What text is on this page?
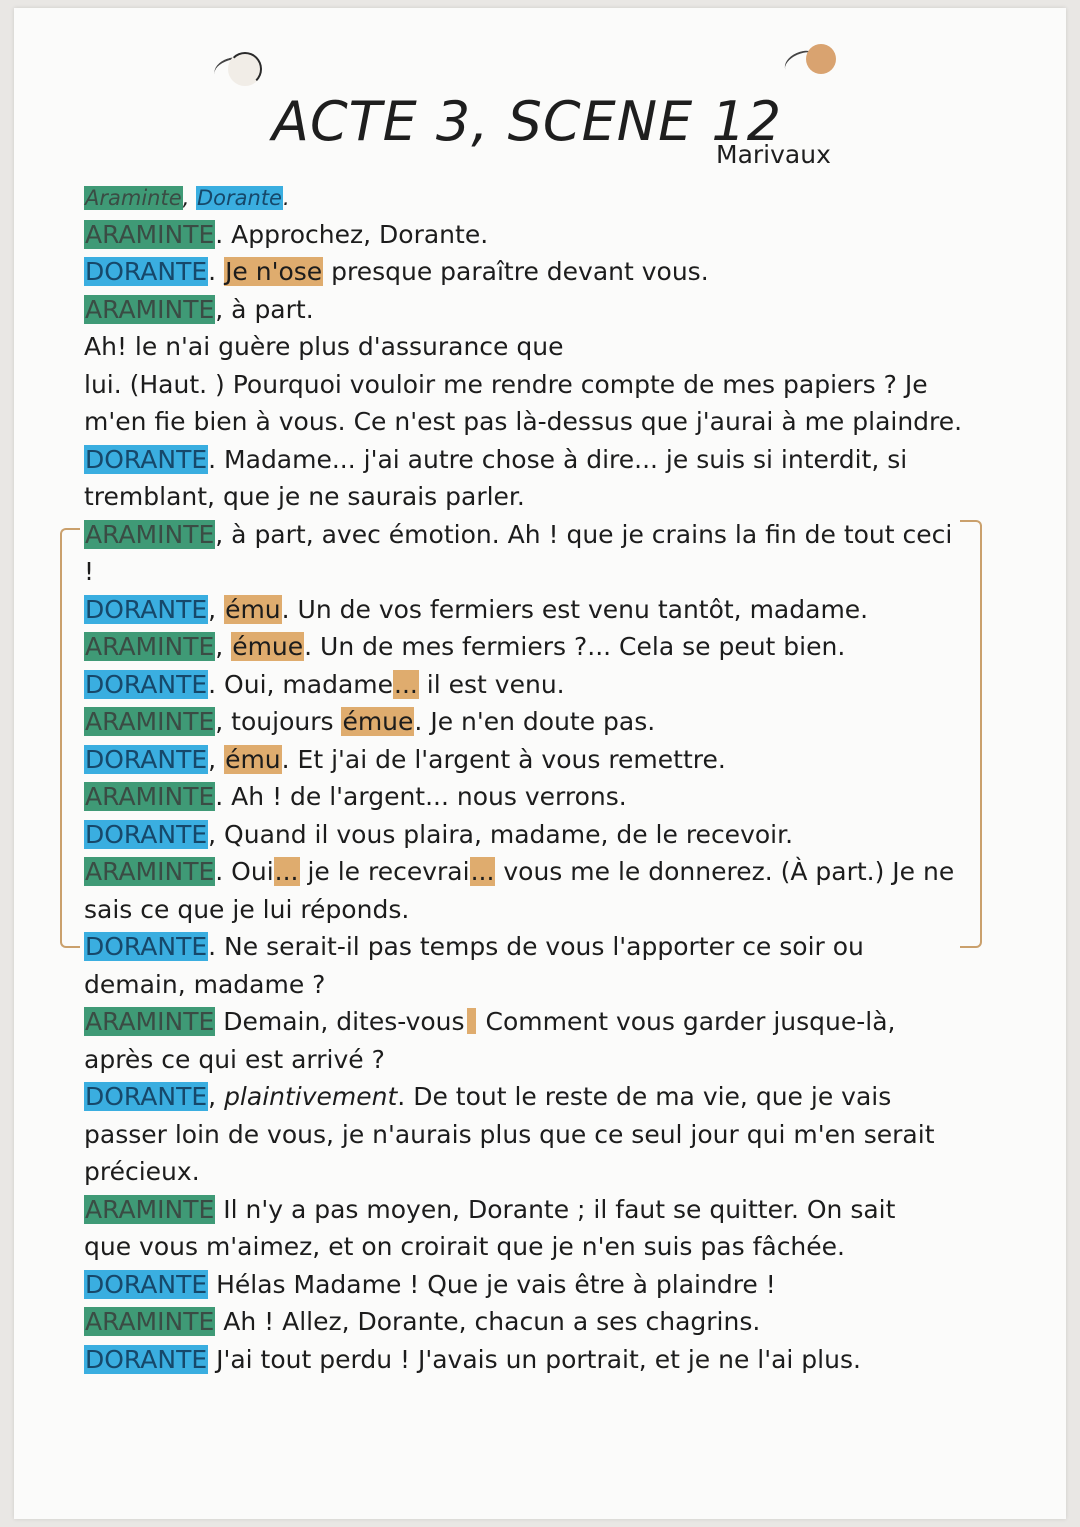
ACTE 3, SCENE 12
Marivaux
Araminte, Dorante.
ARAMINTE. Approchez, Dorante.
DORANTE. Je n'ose presque paraître devant vous.
ARAMINTE, à part.
Ah! le n'ai guère plus d'assurance que
lui. (Haut. ) Pourquoi vouloir me rendre compte de mes papiers ? Je
m'en fie bien à vous. Ce n'est pas là-dessus que j'aurai à me plaindre.
DORANTE. Madame... j'ai autre chose à dire... je suis si interdit, si
tremblant, que je ne saurais parler.
ARAMINTE, à part, avec émotion. Ah ! que je crains la fin de tout ceci
!
DORANTE, ému. Un de vos fermiers est venu tantôt, madame.
ARAMINTE, émue. Un de mes fermiers ?... Cela se peut bien.
DORANTE. Oui, madame... il est venu.
ARAMINTE, toujours émue. Je n'en doute pas.
DORANTE, ému. Et j'ai de l'argent à vous remettre.
ARAMINTE. Ah ! de l'argent... nous verrons.
DORANTE, Quand il vous plaira, madame, de le recevoir.
ARAMINTE. Oui... je le recevrai... vous me le donnerez. (À part.) Je ne
sais ce que je lui réponds.
DORANTE. Ne serait-il pas temps de vous l'apporter ce soir ou
demain, madame ?
ARAMINTE Demain, dites-vous Comment vous garder jusque-là,
après ce qui est arrivé ?
DORANTE, plaintivement. De tout le reste de ma vie, que je vais
passer loin de vous, je n'aurais plus que ce seul jour qui m'en serait
précieux.
ARAMINTE Il n'y a pas moyen, Dorante ; il faut se quitter. On sait
que vous m'aimez, et on croirait que je n'en suis pas fâchée.
DORANTE Hélas Madame ! Que je vais être à plaindre !
ARAMINTE Ah ! Allez, Dorante, chacun a ses chagrins.
DORANTE J'ai tout perdu ! J'avais un portrait, et je ne l'ai plus.
